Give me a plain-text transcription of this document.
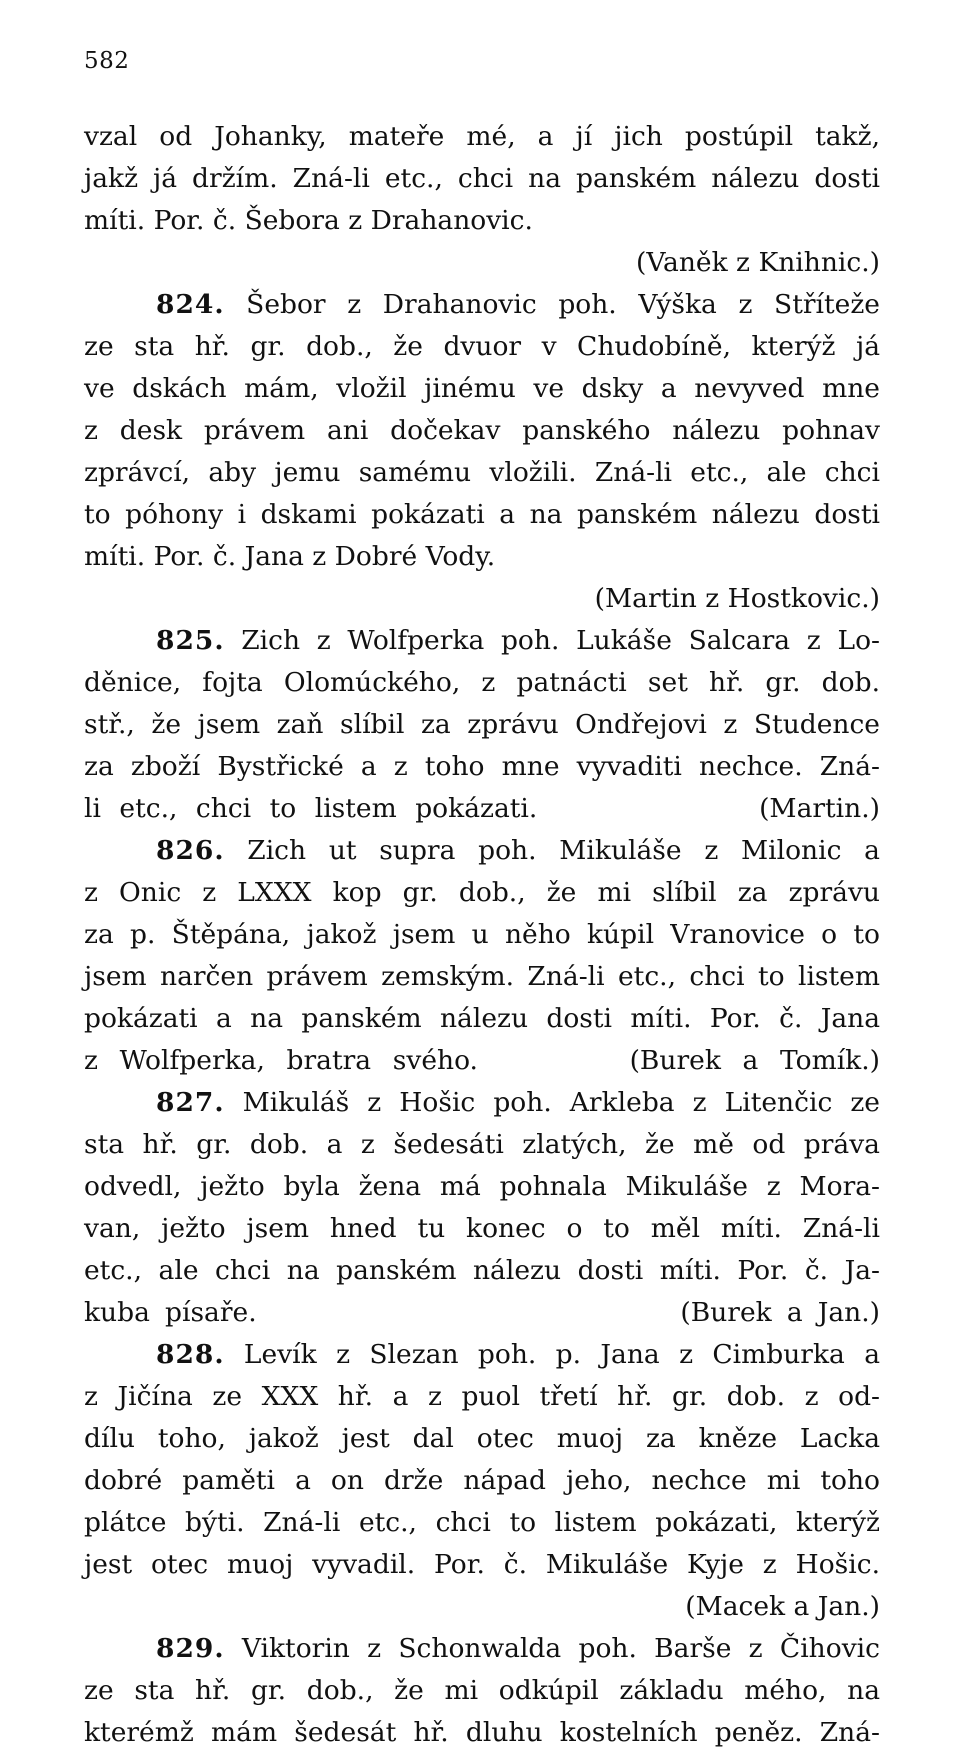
582
vzal od Johanky, mateře mé, a jí jich postúpil takž,
jakž já držím. Zná-li etc., chci na panském nálezu dosti
míti. Por. č. Šebora z Drahanovic.
(Vaněk z Knihnic.)
824. Šebor z Drahanovic poh. Výška z Stříteže
ze sta hř. gr. dob., že dvuor v Chudobíně, kterýž já
ve dskách mám, vložil jinému ve dsky a nevyved mne
z desk právem ani dočekav panského nálezu pohnav
zprávcí, aby jemu samému vložili. Zná-li etc., ale chci
to póhony i dskami pokázati a na panském nálezu dosti
míti. Por. č. Jana z Dobré Vody.
(Martin z Hostkovic.)
825. Zich z Wolfperka poh. Lukáše Salcara z Lo-
děnice, fojta Olomúckého, z patnácti set hř. gr. dob.
stř., že jsem zaň slíbil za zprávu Ondřejovi z Studence
za zboží Bystřické a z toho mne vyvaditi nechce. Zná-
li etc., chci to listem pokázati.            (Martin.)
826. Zich ut supra poh. Mikuláše z Milonic a
z Onic z LXXX kop gr. dob., že mi slíbil za zprávu
za p. Štěpána, jakož jsem u něho kúpil Vranovice o to
jsem narčen právem zemským. Zná-li etc., chci to listem
pokázati a na panském nálezu dosti míti. Por. č. Jana
z Wolfperka, bratra svého.       (Burek a Tomík.)
827. Mikuláš z Hošic poh. Arkleba z Litenčic ze
sta hř. gr. dob. a z šedesáti zlatých, že mě od práva
odvedl, ježto byla žena má pohnala Mikuláše z Mora-
van, ježto jsem hned tu konec o to měl míti. Zná-li
etc., ale chci na panském nálezu dosti míti. Por. č. Ja-
kuba písaře.                            (Burek a Jan.)
828. Levík z Slezan poh. p. Jana z Cimburka a
z Jičína ze XXX hř. a z puol třetí hř. gr. dob. z od-
dílu toho, jakož jest dal otec muoj za kněze Lacka
dobré paměti a on drže nápad jeho, nechce mi toho
plátce býti. Zná-li etc., chci to listem pokázati, kterýž
jest otec muoj vyvadil. Por. č. Mikuláše Kyje z Hošic.
(Macek a Jan.)
829. Viktorin z Schonwalda poh. Barše z Čihovic
ze sta hř. gr. dob., že mi odkúpil základu mého, na
kterémž mám šedesát hř. dluhu kostelních peněz. Zná-
